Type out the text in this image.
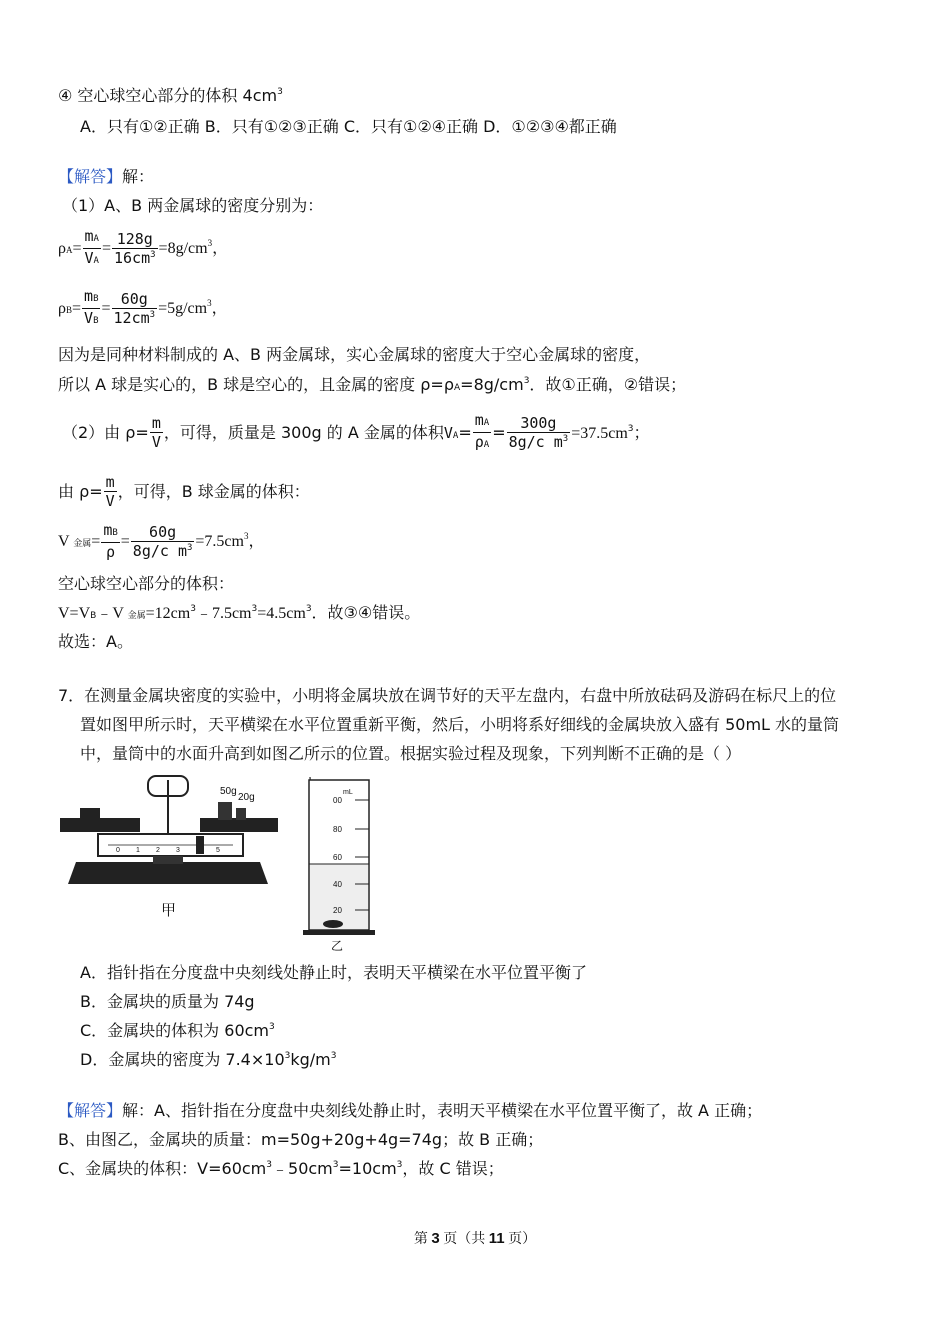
④ 空心球空心部分的体积 $4cm^3$
A．只有①②正确 B．只有①②③正确 C．只有①②④正确 D．①②③④都正确
【解答】解：
（1）A、B 两金属球的密度分别为：
$\rho A= \frac{mA}{VA} = \frac{128g}{16cm^3} =8g/cm^3$，
$\rho B= \frac{mB}{VB} = \frac{60g}{12cm^3} =5g/cm^3$，
因为是同种材料制成的 A、B 两金属球，实心金属球的密度大于空心金属球的密度，
所以 A 球是实心的，B 球是空心的，且金属的密度 $\rho=\rho A=8g/cm^3$．故①正确，②错误；
（2）由 $\rho= \frac{m}{V}$ ，可得，质量是 300g 的 A 金属的体积$VA= \frac{mA}{\rho A} = \frac{300g}{8g/c m^3} =37.5cm^3$；
由 $\rho= \frac{m}{V}$ ，可得，B 球金属的体积：
V 金属= $\frac{mB}{\rho} = \frac{60g}{8g/c m^3} =7.5cm^3$，
空心球空心部分的体积：
V=VB﹣V 金属$=12cm^3﹣7.5cm^3=4.5cm^3$．故③④错误。
故选：A。
7．在测量金属块密度的实验中，小明将金属块放在调节好的天平左盘内，右盘中所放砝码及游码在标尺上的位
置如图甲所示时，天平横梁在水平位置重新平衡，然后，小明将系好细线的金属块放入盛有 50mL 水的量筒
中，量筒中的水面升高到如图乙所示的位置。根据实验过程及现象，下列判断不正确的是（ ）
50g
20g
0 1 2 3	5
甲
mL
00
80
60
40
20
乙
A．指针指在分度盘中央刻线处静止时，表明天平横梁在水平位置平衡了
B．金属块的质量为 74g
C．金属块的体积为 $60cm^3$
D．金属块的密度为 $7.4\times 10^3kg/m^3$
【解答】解：A、指针指在分度盘中央刻线处静止时，表明天平横梁在水平位置平衡了，故 A 正确；
B、由图乙，金属块的质量：m=50g+20g+4g=74g；故 B 正确；
C、金属块的体积：$V=60cm^3﹣50cm^3=10cm^3$，故 C 错误；
第 3 页（共 11 页）
